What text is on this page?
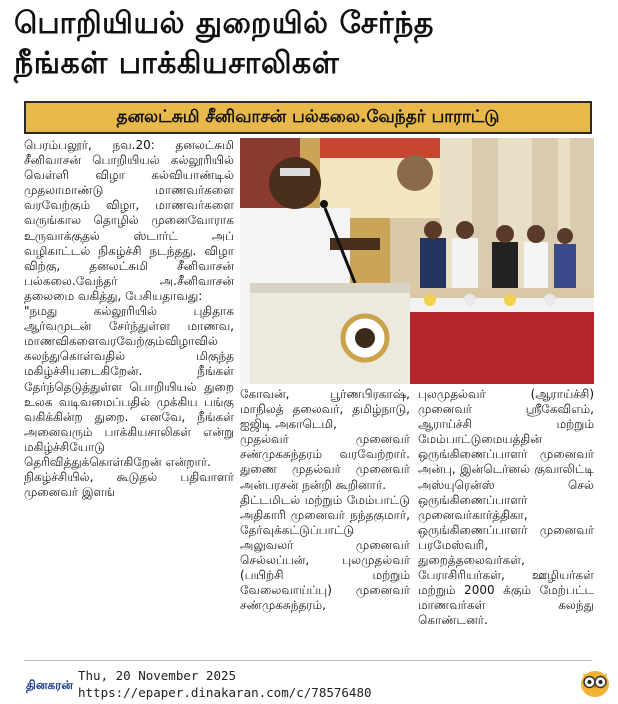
பொறியியல் துறையில் சேர்ந்த
நீங்கள் பாக்கியசாலிகள்
தனலட்சுமி சீனிவாசன் பல்கலை.வேந்தர் பாராட்டு

பெரம்பலூர், நவ.20: தனலட்சுமி சீனிவாசன் பொறியியல் கல்லூரியில் வெள்ளி விழா கல்வியாண்டில் முதலாமாண்டு மாணவர்களை வரவேற்கும் விழா, மாணவர்களை வருங்கால தொழில் முனைவோராக உருவாக்குதல் ஸ்டார்ட் அப் வழிகாட்டல் நிகழ்ச்சி நடந்தது. விழா விற்கு, தனலட்சுமி சீனிவாசன் பல்கலை.வேந்தர் அ.சீனிவாசன் தலைமை வகித்து, பேசியதாவது:

"நமது கல்லூரியில் புதிதாக ஆர்வமுடன் சேர்ந்துள்ள மாணவ, மாணவிகளைவரவேற்கும்விழாவில் கலந்துகொள்வதில் மிகுந்த மகிழ்ச்சியடைகிறேன். நீங்கள் தேர்ந்தெடுத்துள்ள பொறியியல் துறை உலக வடிவமைப்பதில் முக்கிய பங்கு வகிக்கின்ற துறை. எனவே, நீங்கள் அனைவரும் பாக்கியசாலிகள் என்று மகிழ்ச்சியோடு தெரிவித்துக்கொள்கிறேன் என்றார்.

நிகழ்ச்சியில், கூடுதல் பதிவாளர் முனைவர் இளங்

கோவன், பூர்ணபிரகாஷ், மாநிலத் தலைவர், தமிழ்நாடு, ஐஜிடி அகாடெமி,

முதல்வர் முனைவர் சண்முகசுந்தரம் வரவேற்றார். துணை முதல்வர் முனைவர் அன்பரசன் நன்றி கூறினார்.

திட்டமிடல் மற்றும் மேம்பாட்டு அதிகாரி முனைவர் நந்தகுமார், தேர்வுக்கட்டுப்பாட்டு அலுவலர் முனைவர் செல்லப்பன், புலமுதல்வர் (பயிற்சி மற்றும் வேலைவாய்ப்பு) முனைவர் சண்முகசுந்தரம்,

புலமுதல்வர் (ஆராய்ச்சி) முனைவர் ஸ்ரீகேவிஎம், ஆராய்ச்சி மற்றும் மேம்பாட்டுமையத்தின் ஒருங்கிணைப்பாளர் முனைவர் அன்பு, இன்டெர்னல் குவாலிட்டி அஸ்யுரென்ஸ் செல் ஒருங்கிணைப்பாளர் முனைவர்கார்த்திகா, ஒருங்கிணைப்பாளர் முனைவர் பரமேஸ்வரி, துறைத்தலைவர்கள், பேராசிரியர்கள், ஊழியர்கள் மற்றும் 2000 க்கும் மேற்பட்ட மாணவர்கள் கலந்து கொண்டனர்.

தினகரன்
Thu, 20 November 2025
https://epaper.dinakaran.com/c/78576480
